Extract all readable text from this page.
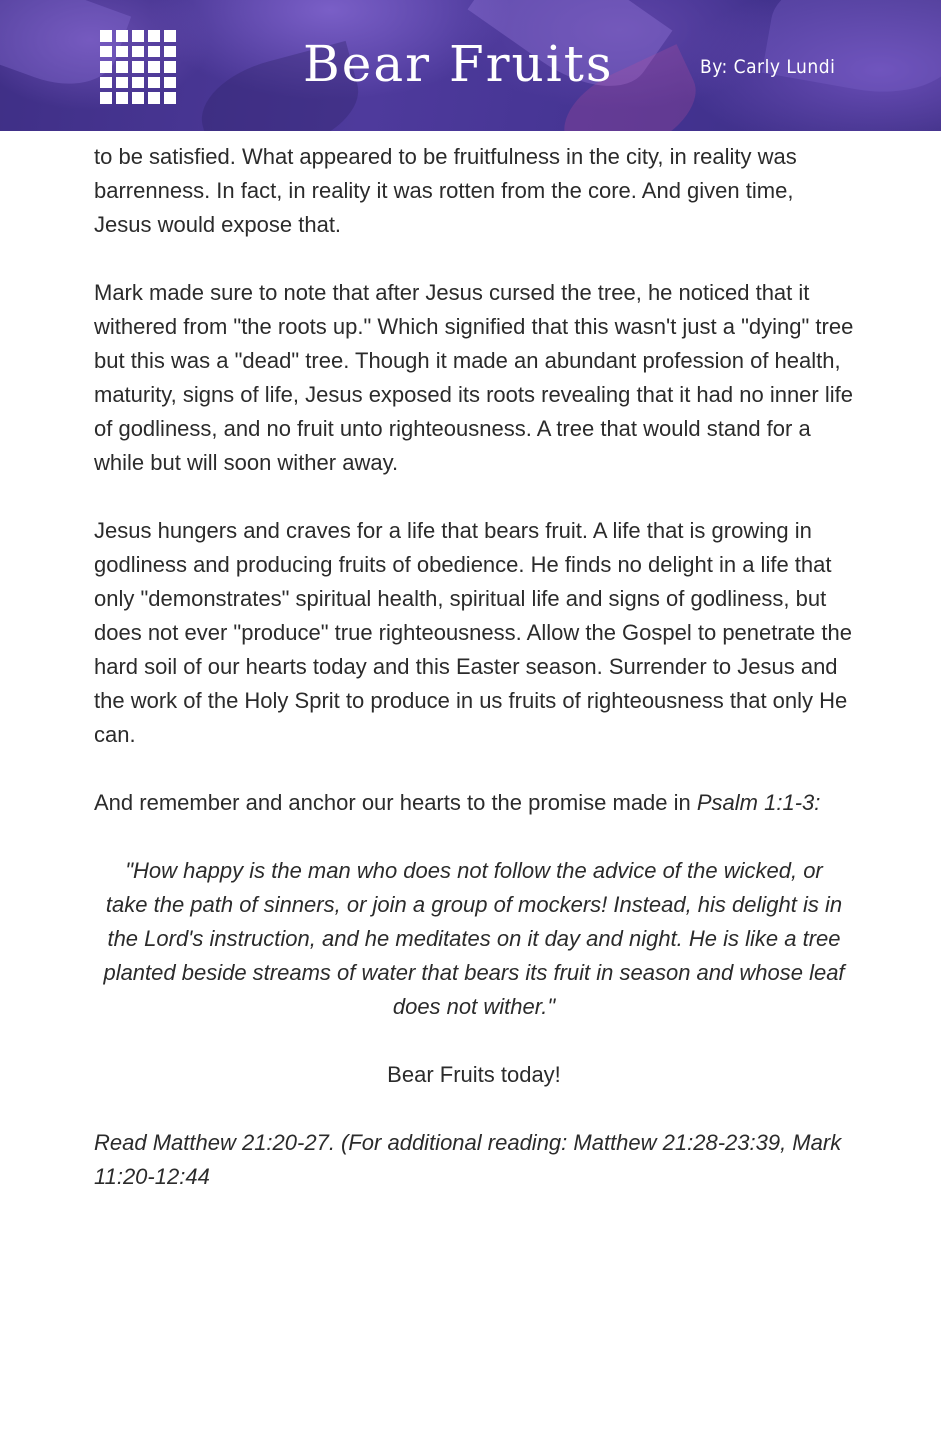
Bear Fruits	By: Carly Lundi

to be satisfied. What appeared to be fruitfulness in the city, in reality was barrenness. In fact, in reality it was rotten from the core. And given time, Jesus would expose that.

Mark made sure to note that after Jesus cursed the tree, he noticed that it withered from "the roots up." Which signified that this wasn't just a "dying" tree but this was a "dead" tree. Though it made an abundant profession of health, maturity, signs of life, Jesus exposed its roots revealing that it had no inner life of godliness, and no fruit unto righteousness. A tree that would stand for a while but will soon wither away.

Jesus hungers and craves for a life that bears fruit. A life that is growing in godliness and producing fruits of obedience. He finds no delight in a life that only "demonstrates" spiritual health, spiritual life and signs of godliness, but does not ever "produce" true righteousness. Allow the Gospel to penetrate the hard soil of our hearts today and this Easter season. Surrender to Jesus and the work of the Holy Sprit to produce in us fruits of righteousness that only He can.

And remember and anchor our hearts to the promise made in Psalm 1:1-3:

"How happy is the man who does not follow the advice of the wicked, or take the path of sinners, or join a group of mockers! Instead, his delight is in the Lord's instruction, and he meditates on it day and night. He is like a tree planted beside streams of water that bears its fruit in season and whose leaf does not wither."

Bear Fruits today!

Read Matthew 21:20-27. (For additional reading: Matthew 21:28-23:39, Mark 11:20-12:44
